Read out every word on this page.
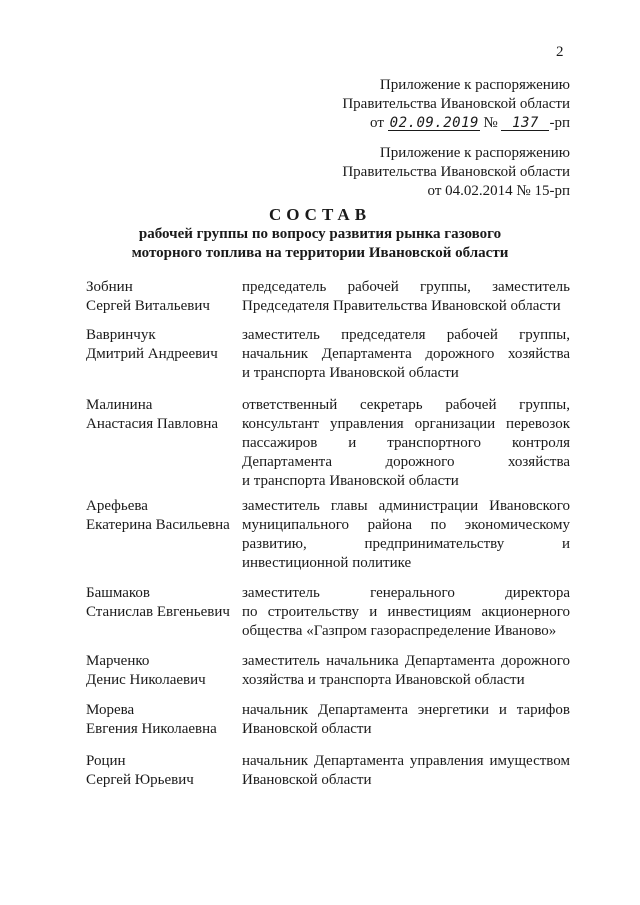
2
Приложение к распоряжению
Правительства Ивановской области
от 02.09.2019 № 137 -рп
Приложение к распоряжению
Правительства Ивановской области
от 04.02.2014 № 15-рп
СОСТАВ
рабочей группы по вопросу развития рынка газового
моторного топлива на территории Ивановской области
Зобнин
Сергей Витальевич
председатель рабочей группы, заместитель
Председателя Правительства Ивановской области
Вавринчук
Дмитрий Андреевич
заместитель председателя рабочей группы,
начальник Департамента дорожного хозяйства
и транспорта Ивановской области
Малинина
Анастасия Павловна
ответственный секретарь рабочей группы,
консультант управления организации перевозок
пассажиров и транспортного контроля
Департамента дорожного хозяйства
и транспорта Ивановской области
Арефьева
Екатерина Васильевна
заместитель главы администрации Ивановского
муниципального района по экономическому
развитию, предпринимательству и
инвестиционной политике
Башмаков
Станислав Евгеньевич
заместитель генерального директора
по строительству и инвестициям акционерного
общества «Газпром газораспределение Иваново»
Марченко
Денис Николаевич
заместитель начальника Департамента дорожного
хозяйства и транспорта Ивановской области
Морева
Евгения Николаевна
начальник Департамента энергетики и тарифов
Ивановской области
Роцин
Сергей Юрьевич
начальник Департамента управления имуществом
Ивановской области
